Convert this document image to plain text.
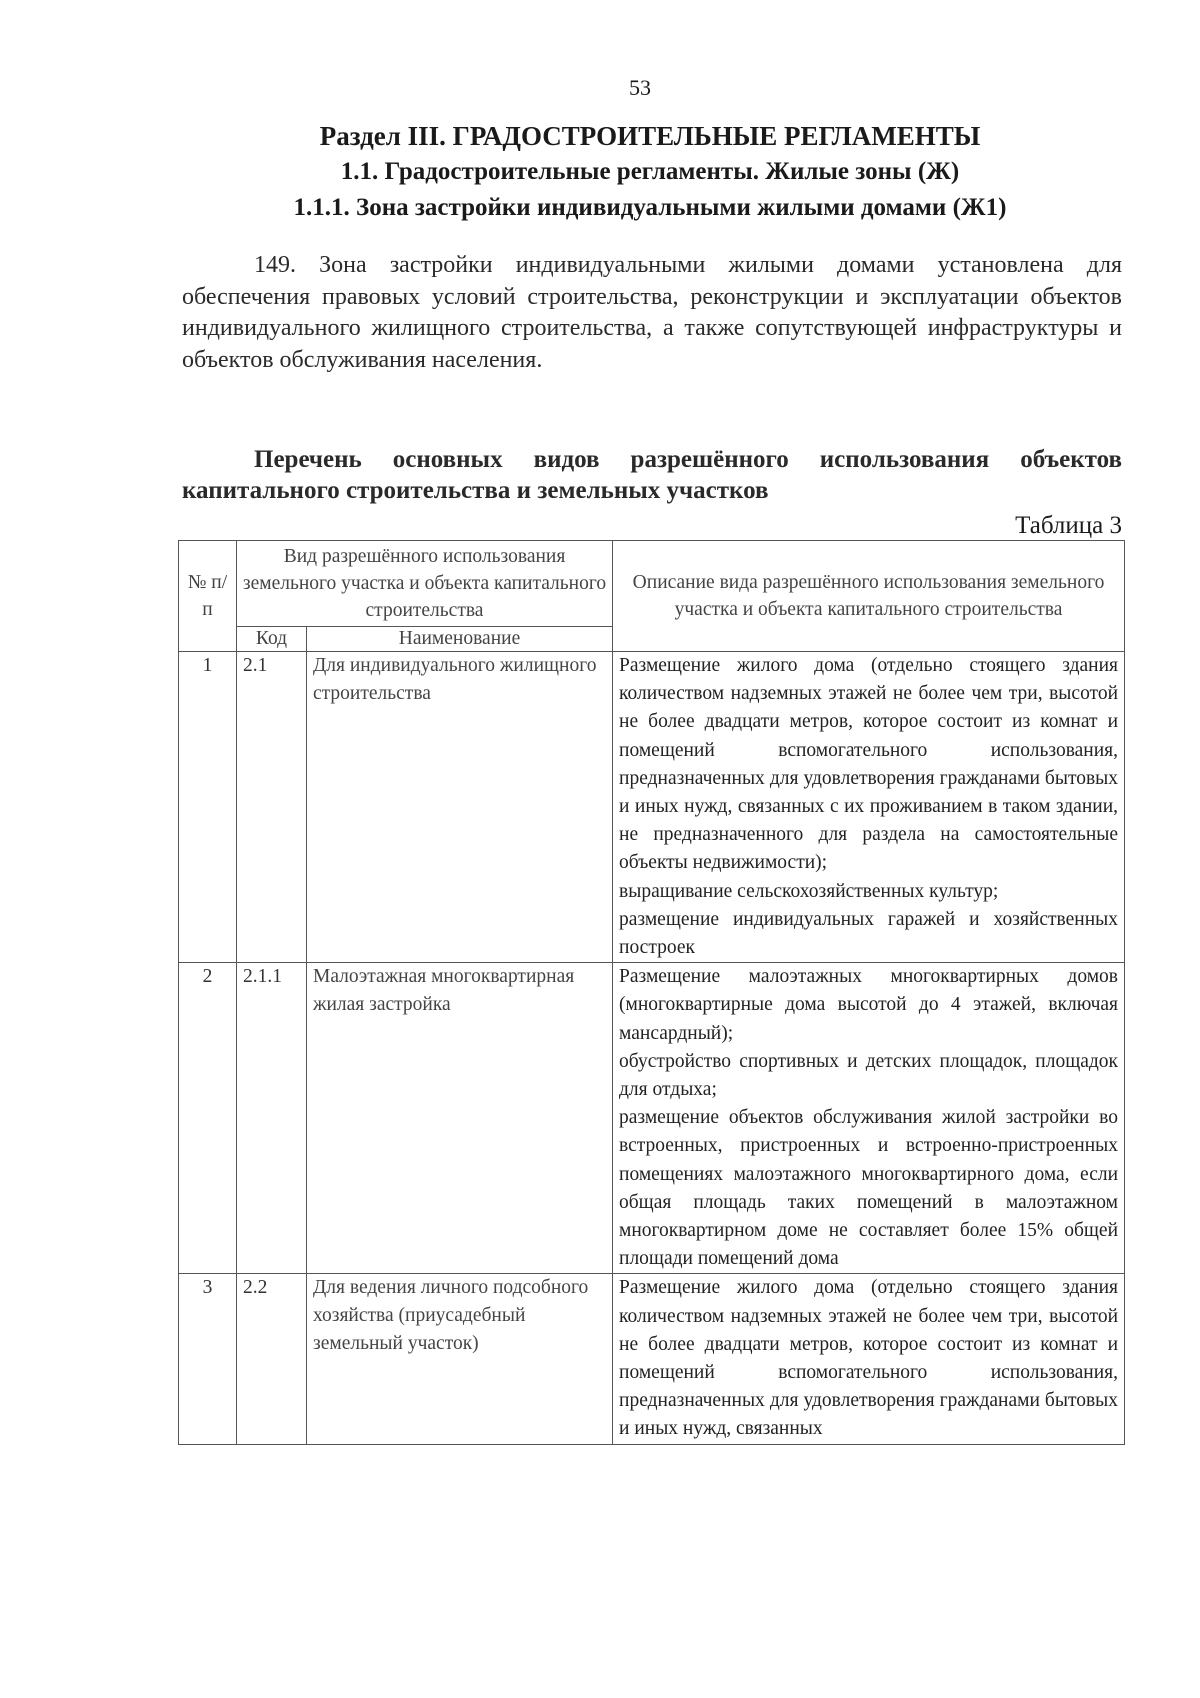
53

Раздел III. ГРАДОСТРОИТЕЛЬНЫЕ РЕГЛАМЕНТЫ

1.1. Градостроительные регламенты. Жилые зоны (Ж)

1.1.1. Зона застройки индивидуальными жилыми домами (Ж1)

149. Зона застройки индивидуальными жилыми домами установлена для обеспечения правовых условий строительства, реконструкции и эксплуатации объектов индивидуального жилищного строительства, а также сопутствующей инфраструктуры и объектов обслуживания населения.

Перечень основных видов разрешённого использования объектов капитального строительства и земельных участков

Таблица 3

№ п/п	Вид разрешённого использования земельного участка и объекта капитального строительства		Описание вида разрешённого использования земельного участка и объекта капитального строительства
	Код	Наименование	
1	2.1	Для индивидуального жилищного строительства	Размещение жилого дома (отдельно стоящего здания количеством надземных этажей не более чем три, высотой не более двадцати метров, которое состоит из комнат и помещений вспомогательного использования, предназначенных для удовлетворения гражданами бытовых и иных нужд, связанных с их проживанием в таком здании, не предназначенного для раздела на самостоятельные объекты недвижимости);
выращивание сельскохозяйственных культур;
размещение индивидуальных гаражей и хозяйственных построек

2	2.1.1	Малоэтажная многоквартирная жилая застройка	Размещение малоэтажных многоквартирных домов (многоквартирные дома высотой до 4 этажей, включая мансардный);
обустройство спортивных и детских площадок, площадок для отдыха;
размещение объектов обслуживания жилой застройки во встроенных, пристроенных и встроенно-пристроенных помещениях малоэтажного многоквартирного дома, если общая площадь таких помещений в малоэтажном многоквартирном доме не составляет более 15% общей площади помещений дома

3	2.2	Для ведения личного подсобного хозяйства (приусадебный земельный участок)	Размещение жилого дома (отдельно стоящего здания количеством надземных этажей не более чем три, высотой не более двадцати метров, которое состоит из комнат и помещений вспомогательного использования, предназначенных для удовлетворения гражданами бытовых и иных нужд, связанных
